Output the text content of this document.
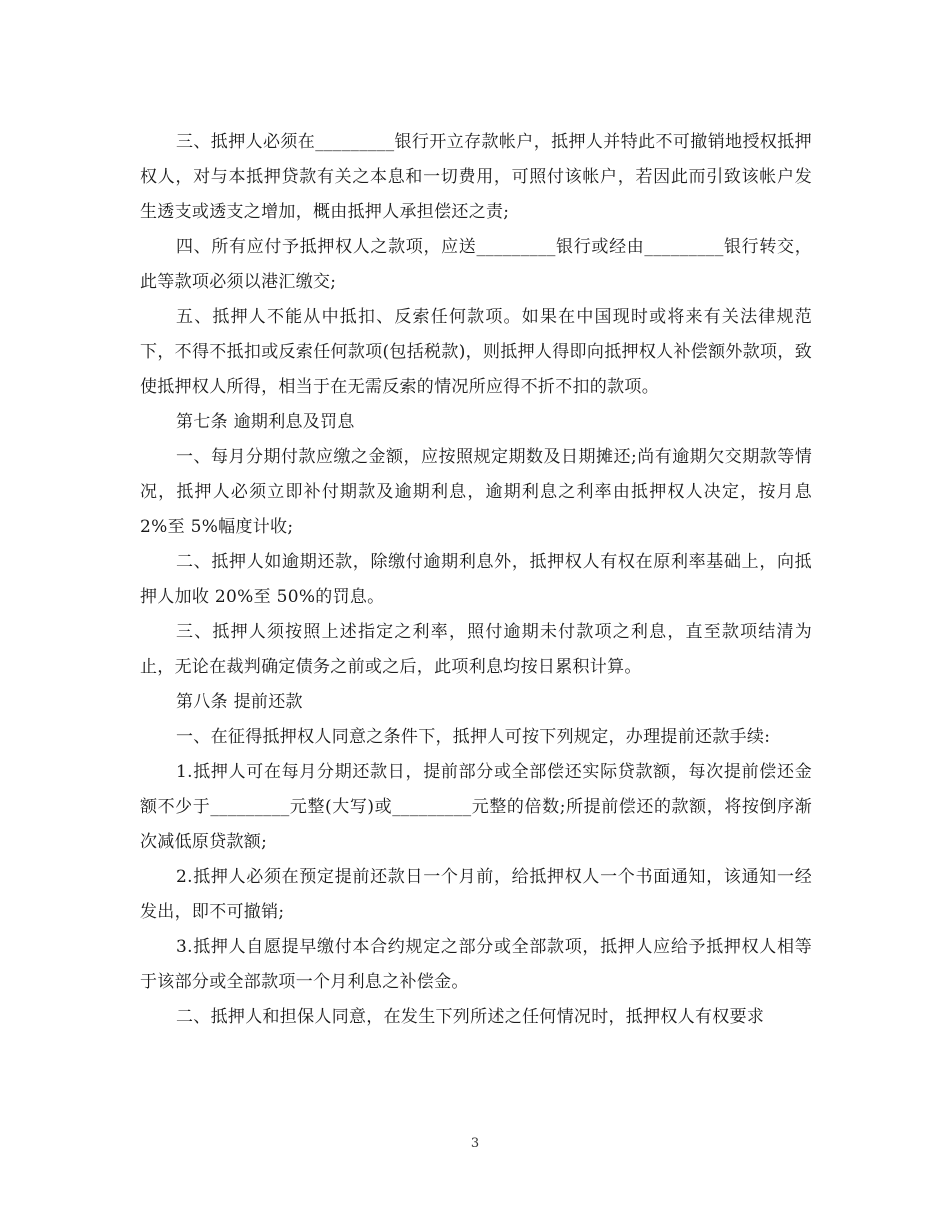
三、抵押人必须在_________银行开立存款帐户，抵押人并特此不可撤销地授权抵押权人，对与本抵押贷款有关之本息和一切费用，可照付该帐户，若因此而引致该帐户发生透支或透支之增加，概由抵押人承担偿还之责;

四、所有应付予抵押权人之款项，应送_________银行或经由_________银行转交，此等款项必须以港汇缴交;

五、抵押人不能从中抵扣、反索任何款项。如果在中国现时或将来有关法律规范下，不得不抵扣或反索任何款项(包括税款)，则抵押人得即向抵押权人补偿额外款项，致使抵押权人所得，相当于在无需反索的情况所应得不折不扣的款项。

第七条 逾期利息及罚息

一、每月分期付款应缴之金额，应按照规定期数及日期摊还;尚有逾期欠交期款等情况，抵押人必须立即补付期款及逾期利息，逾期利息之利率由抵押权人决定，按月息 2%至 5%幅度计收;

二、抵押人如逾期还款，除缴付逾期利息外，抵押权人有权在原利率基础上，向抵押人加收 20%至 50%的罚息。

三、抵押人须按照上述指定之利率，照付逾期未付款项之利息，直至款项结清为止，无论在裁判确定债务之前或之后，此项利息均按日累积计算。

第八条 提前还款

一、在征得抵押权人同意之条件下，抵押人可按下列规定，办理提前还款手续:

1.抵押人可在每月分期还款日，提前部分或全部偿还实际贷款额，每次提前偿还金额不少于_________元整(大写)或_________元整的倍数;所提前偿还的款额，将按倒序渐次减低原贷款额;

2.抵押人必须在预定提前还款日一个月前，给抵押权人一个书面通知，该通知一经发出，即不可撤销;

3.抵押人自愿提早缴付本合约规定之部分或全部款项，抵押人应给予抵押权人相等于该部分或全部款项一个月利息之补偿金。

二、抵押人和担保人同意，在发生下列所述之任何情况时，抵押权人有权要求

3
